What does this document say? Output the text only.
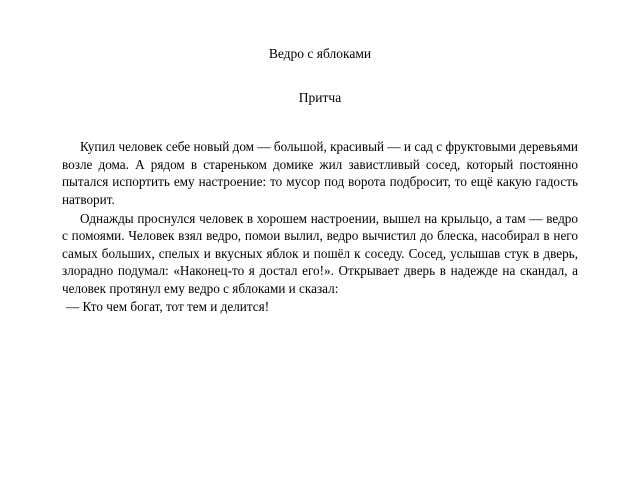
Ведро с яблоками
Притча

Купил человек себе новый дом — большой, красивый — и сад с фруктовыми деревьями возле дома. А рядом в стареньком домике жил завистливый сосед, который постоянно пытался испортить ему настроение: то мусор под ворота подбросит, то ещё какую гадость натворит.

Однажды проснулся человек в хорошем настроении, вышел на крыльцо, а там — ведро с помоями. Человек взял ведро, помои вылил, ведро вычистил до блеска, насобирал в него самых больших, спелых и вкусных яблок и пошёл к соседу. Сосед, услышав стук в дверь, злорадно подумал: «Наконец-то я достал его!». Открывает дверь в надежде на скандал, а человек протянул ему ведро с яблоками и сказал:

— Кто чем богат, тот тем и делится!
